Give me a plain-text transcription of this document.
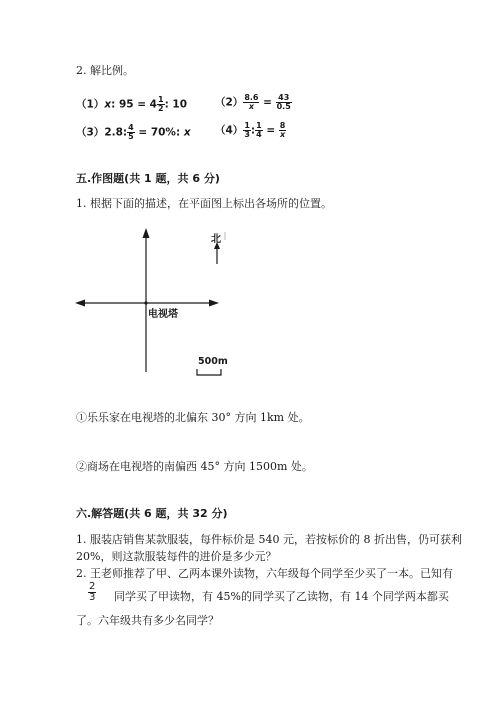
2. 解比例。
（1）x: $95 = 4 \frac{1}{2}$ : 10	$(2) \frac{8.6}{x} = \frac{43}{0.5}$
（3）2.8: $\frac{4}{5} = 70\%$: x $(4) \frac{1}{3}$ : $\frac{1}{4} = \frac{8}{x}$
五.作图题(共 1 题，共 6 分)
1. 根据下面的描述，在平面图上标出各场所的位置。
北
电视塔
500m
①乐乐家在电视塔的北偏东 30° 方向 1km 处。
②商场在电视塔的南偏西 45° 方向 1500m 处。
六.解答题(共 6 题，共 32 分)
1. 服装店销售某款服装，每件标价是 540 元，若按标价的 8 折出售，仍可获利
20%，则这款服装每件的进价是多少元？
2. 王老师推荐了甲、乙两本课外读物，六年级每个同学至少买了一本。已知有
$\frac{2}{3}$ 同学买了甲读物，有 45%的同学买了乙读物，有 14 个同学两本都买
了。六年级共有多少名同学？
